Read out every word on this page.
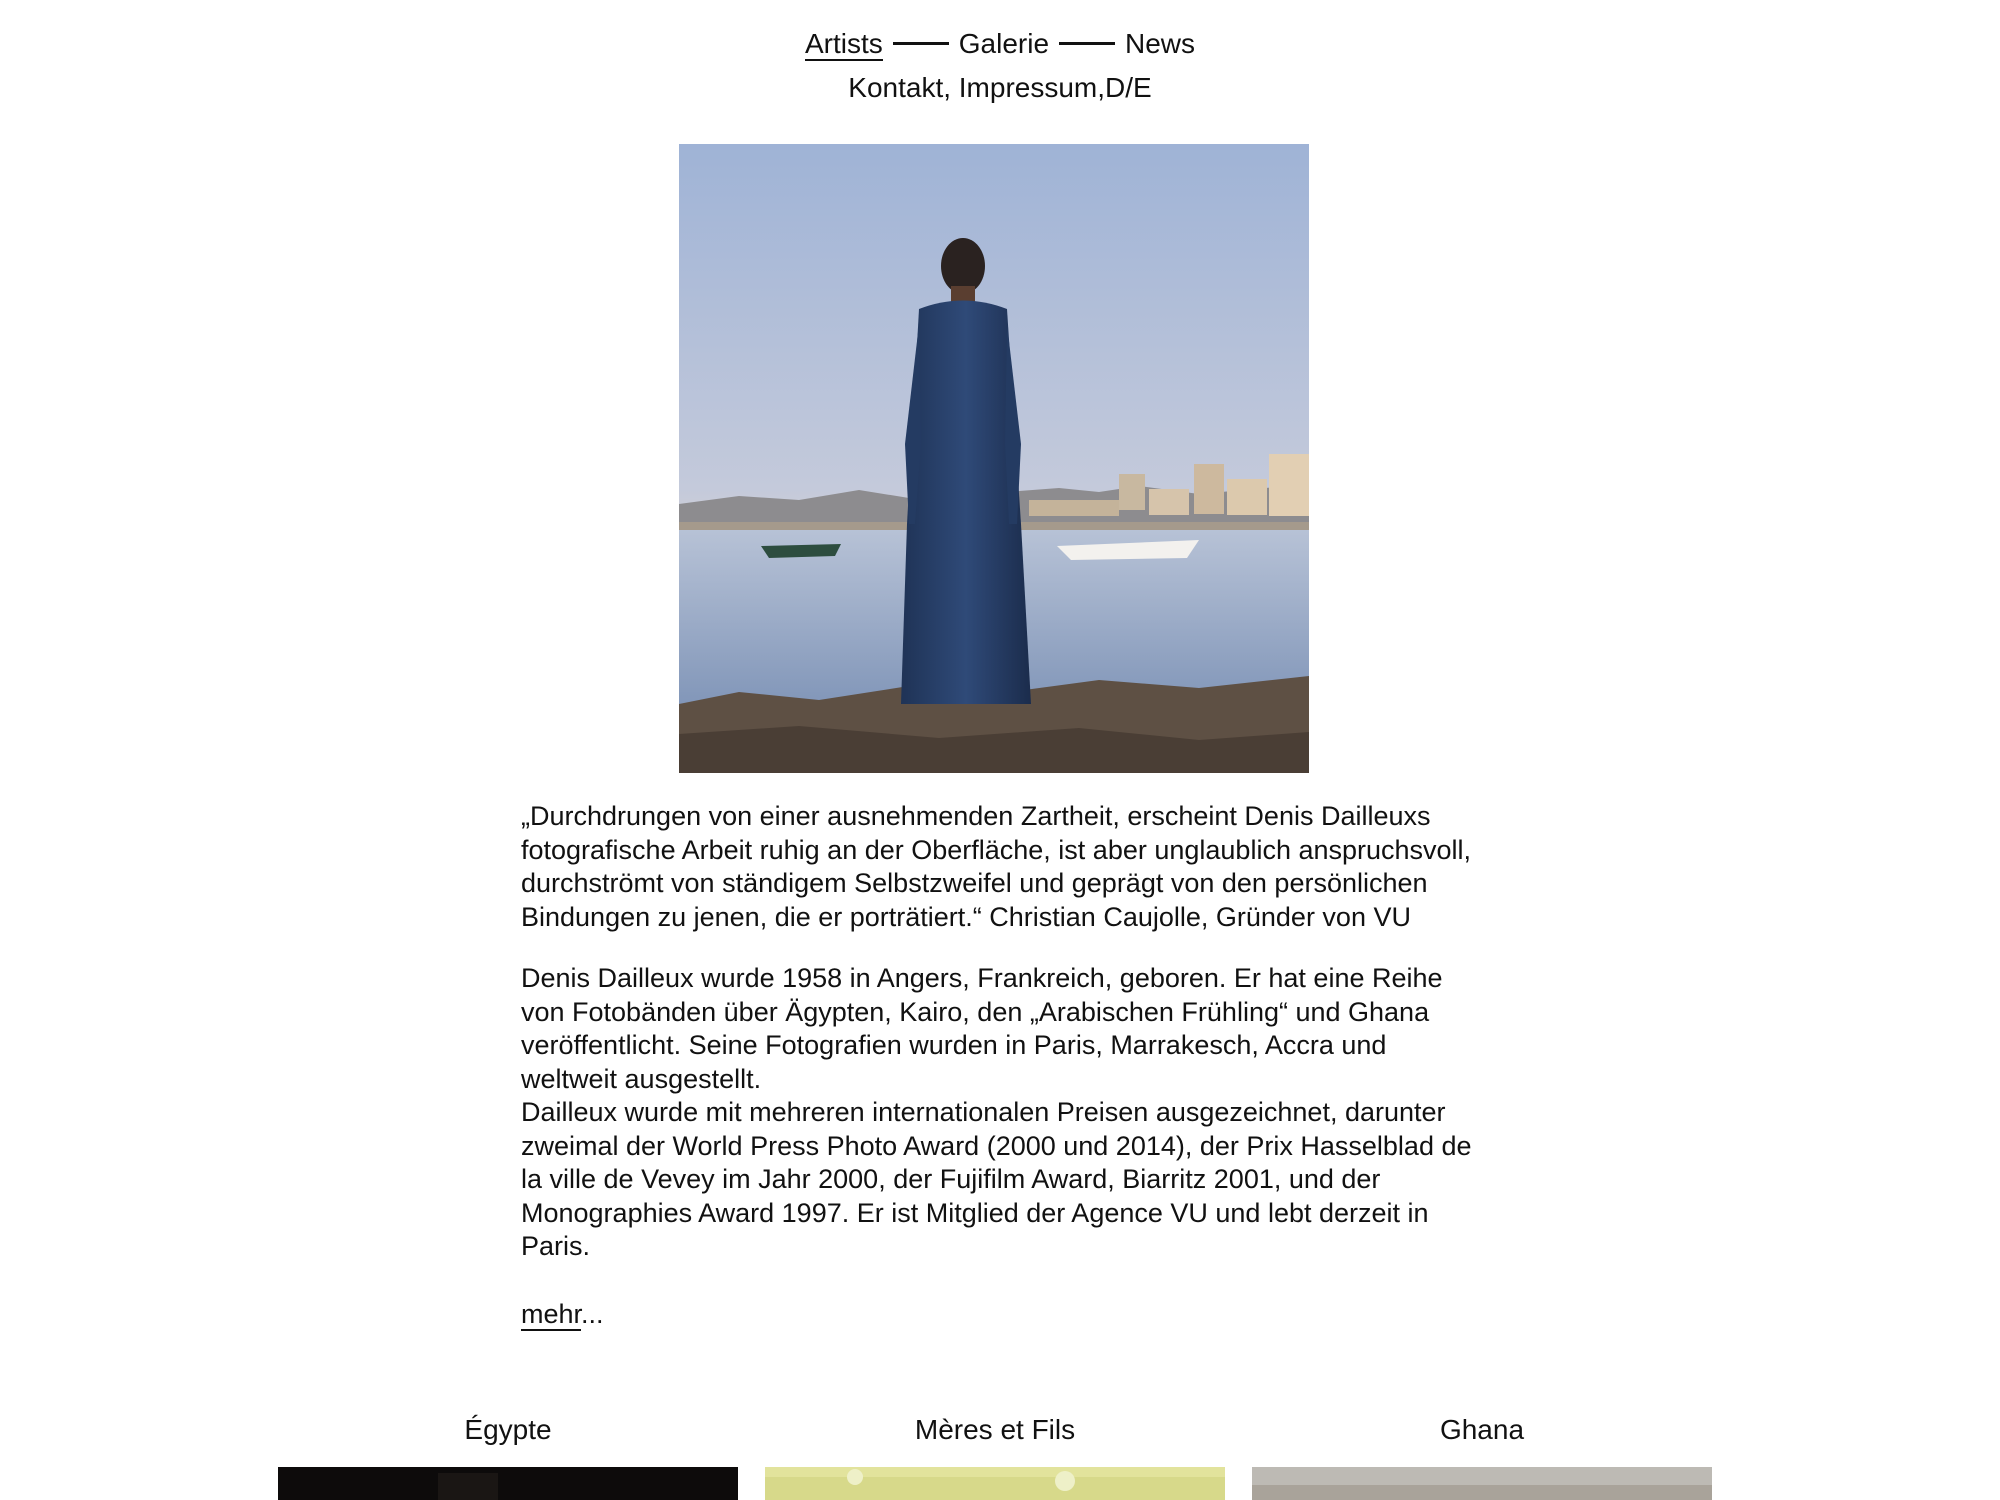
Artists	Galerie	News
Kontakt, Impressum,D/E

„Durchdrungen von einer ausnehmenden Zartheit, erscheint Denis Dailleuxs fotografische Arbeit ruhig an der Oberfläche, ist aber unglaublich anspruchsvoll, durchströmt von ständigem Selbstzweifel und geprägt von den persönlichen Bindungen zu jenen, die er porträtiert.“ Christian Caujolle, Gründer von VU

Denis Dailleux wurde 1958 in Angers, Frankreich, geboren. Er hat eine Reihe von Fotobänden über Ägypten, Kairo, den „Arabischen Frühling“ und Ghana veröffentlicht. Seine Fotografien wurden in Paris, Marrakesch, Accra und weltweit ausgestellt.

Dailleux wurde mit mehreren internationalen Preisen ausgezeichnet, darunter zweimal der World Press Photo Award (2000 und 2014), der Prix Hasselblad de la ville de Vevey im Jahr 2000, der Fujifilm Award, Biarritz 2001, und der Monographies Award 1997. Er ist Mitglied der Agence VU und lebt derzeit in Paris.

mehr...
Égypte	Mères et Fils	Ghana
